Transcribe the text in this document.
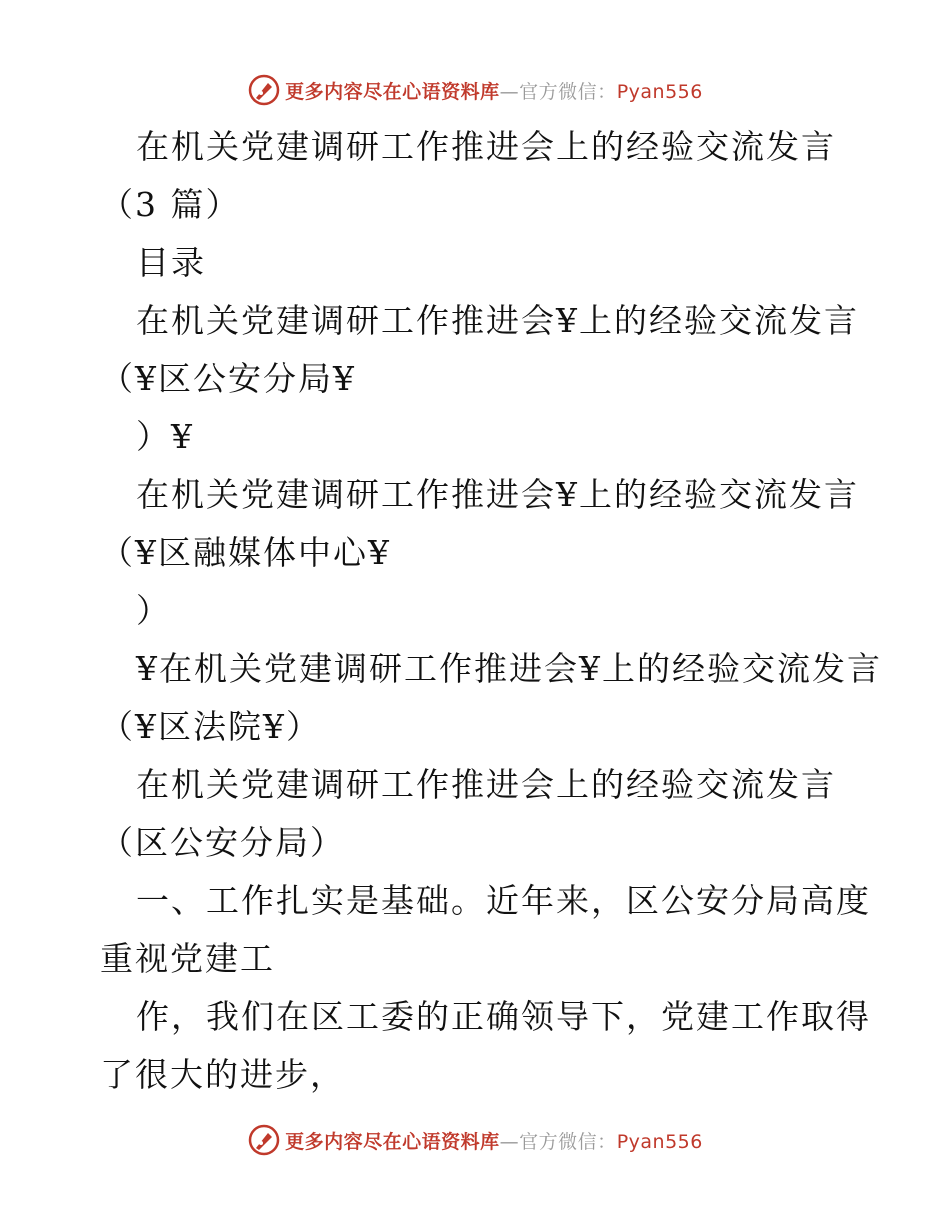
更多内容尽在心语资料库—官方微信：Pyan556
在机关党建调研工作推进会上的经验交流发言
（3 篇）
目录
在机关党建调研工作推进会¥上的经验交流发言
（¥区公安分局¥
）¥
在机关党建调研工作推进会¥上的经验交流发言
（¥区融媒体中心¥
）
¥在机关党建调研工作推进会¥上的经验交流发言
（¥区法院¥）
在机关党建调研工作推进会上的经验交流发言
（区公安分局）
一、工作扎实是基础。近年来，区公安分局高度
重视党建工
作，我们在区工委的正确领导下，党建工作取得
了很大的进步，
更多内容尽在心语资料库—官方微信：Pyan556
